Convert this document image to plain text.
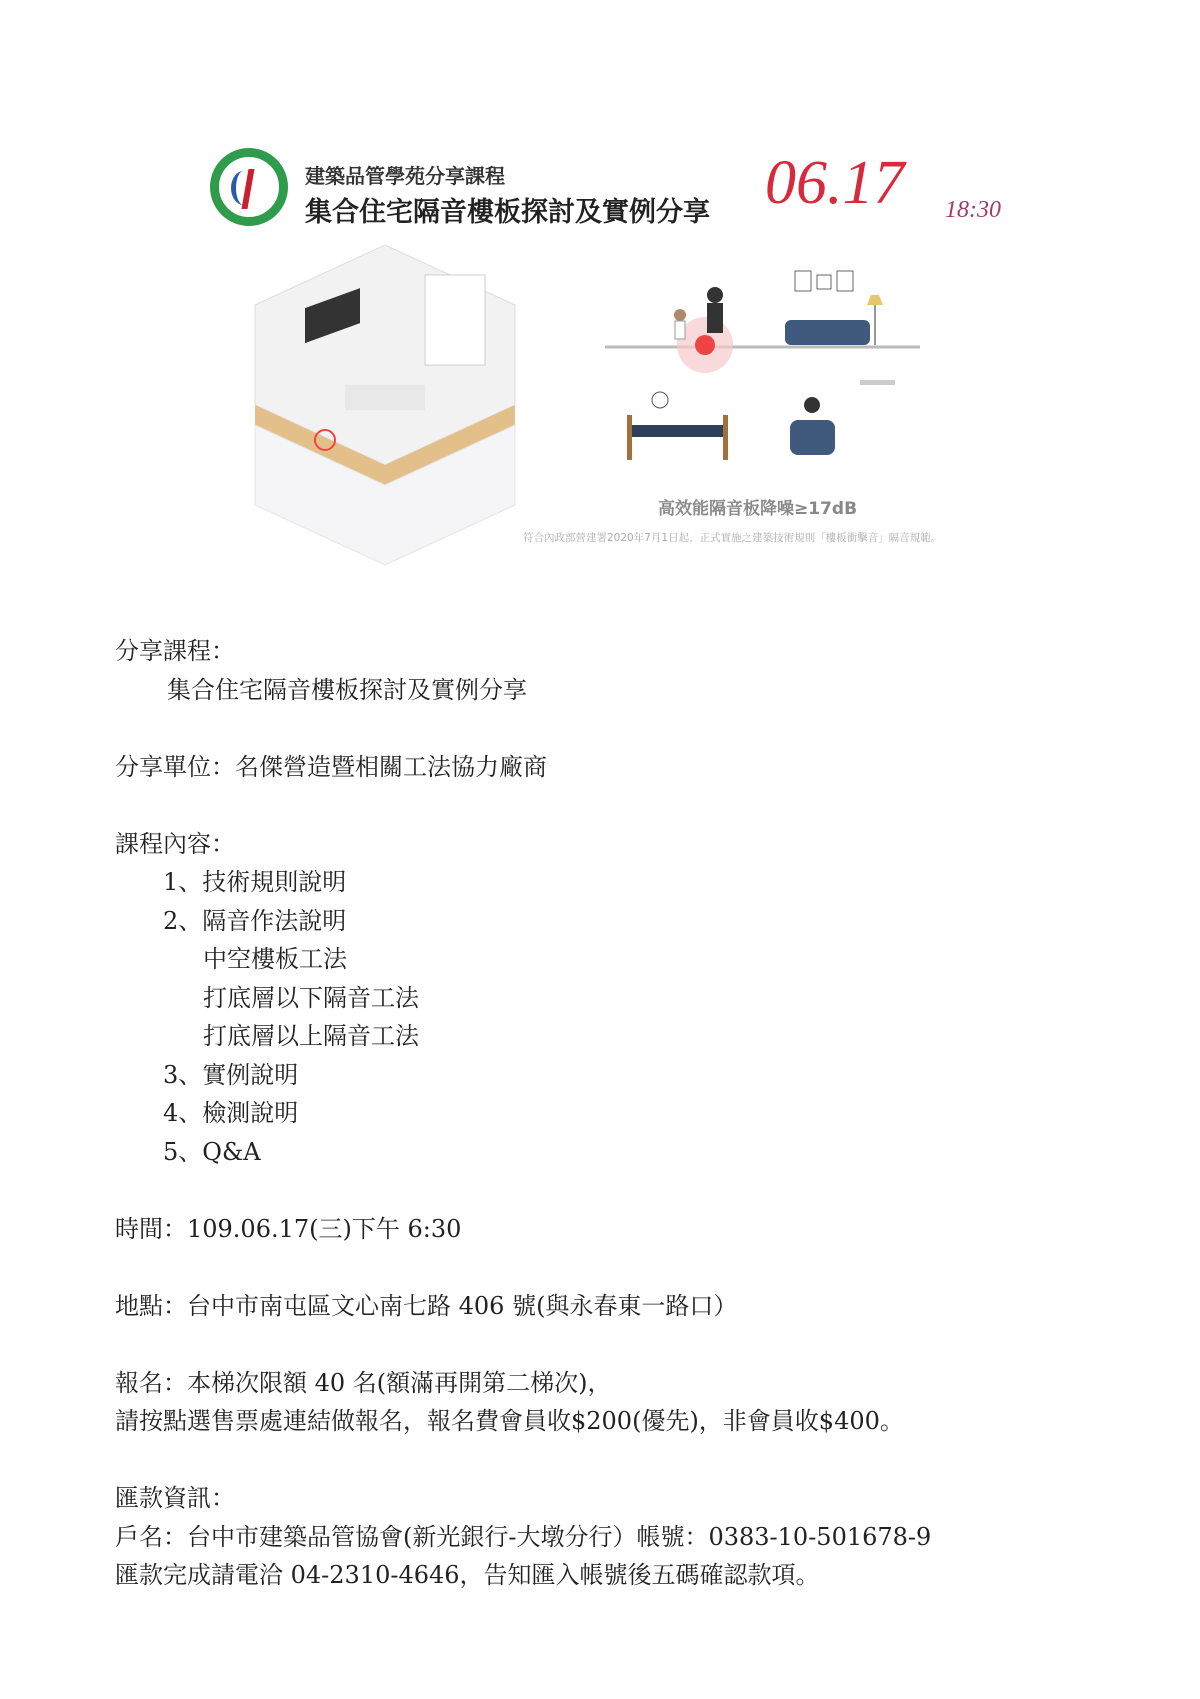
建築品管學苑分享課程
集合住宅隔音樓板探討及實例分享 06.17 18:30
高效能隔音板降噪≥17dB
符合內政部營建署2020年7月1日起，正式實施之建築技術規則「樓板衝擊音」隔音規範。
分享課程：
集合住宅隔音樓板探討及實例分享
分享單位：名傑營造暨相關工法協力廠商
課程內容：
1、技術規則說明
2、隔音作法說明
中空樓板工法
打底層以下隔音工法
打底層以上隔音工法
3、實例說明
4、檢測說明
5、Q&A
時間：109.06.17(三)下午 6:30
地點：台中市南屯區文心南七路 406 號(與永春東一路口）
報名：本梯次限額 40 名(額滿再開第二梯次)，
請按點選售票處連結做報名，報名費會員收$200(優先)，非會員收$400。
匯款資訊：
戶名：台中市建築品管協會(新光銀行-大墩分行）帳號：0383-10-501678-9
匯款完成請電洽 04-2310-4646，告知匯入帳號後五碼確認款項。
